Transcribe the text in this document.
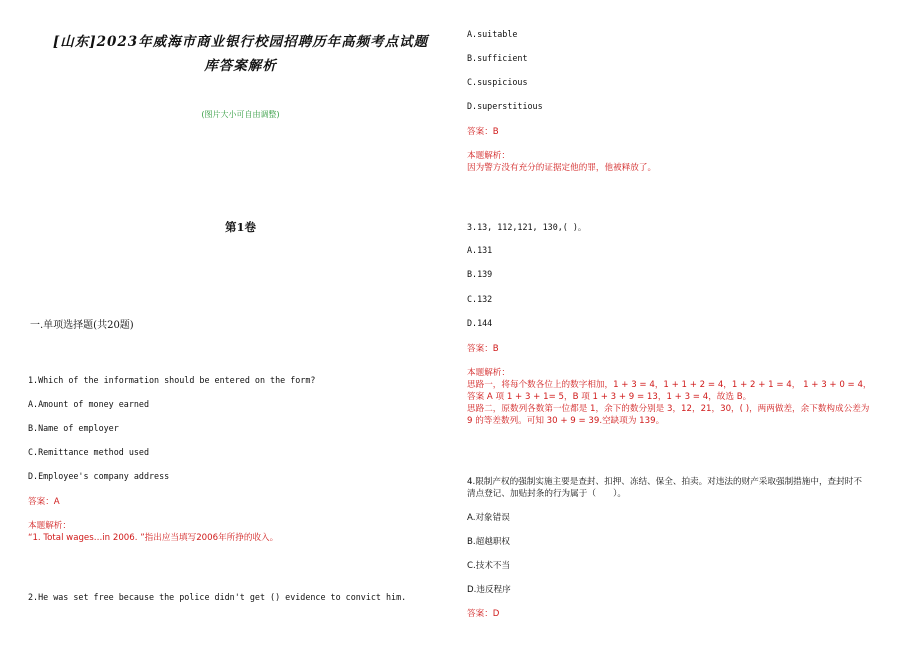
[山东]2023年威海市商业银行校园招聘历年高频考点试题
库答案解析
(图片大小可自由调整)
第1卷
一.单项选择题(共20题)
1.Which of the information should be entered on the form?
A.Amount of money earned
B.Name of employer
C.Remittance method used
D.Employee's company address
答案：A
本题解析：
“1. Total wages…in 2006. ”指出应当填写2006年所挣的收入。
2.He was set free because the police didn't get () evidence to convict him.
A.suitable
B.sufficient
C.suspicious
D.superstitious
答案：B
本题解析：
因为警方没有充分的证据定他的罪，他被释放了。
3.13, 112,121, 130,( )。
A.131
B.139
C.132
D.144
答案：B
本题解析：
思路一，将每个数各位上的数字相加，1 + 3 = 4，1 + 1 + 2 = 4，1 + 2 + 1 = 4， 1 + 3 + 0 = 4，
答案 A 项 1 + 3 + 1= 5，B 项 1 + 3 + 9 = 13，1 + 3 = 4，故选 B。
思路二，原数列各数第一位都是 1，余下的数分别是 3，12，21，30，( )，两两做差，余下数构成公差为
9 的等差数列。可知 30 + 9 = 39.空缺项为 139。
4.限制产权的强制实施主要是查封、扣押、冻结、保全、拍卖。对违法的财产采取强制措施中，查封时不
清点登记、加贴封条的行为属于（　　）。
A.对象错误
B.超越职权
C.技术不当
D.违反程序
答案：D
